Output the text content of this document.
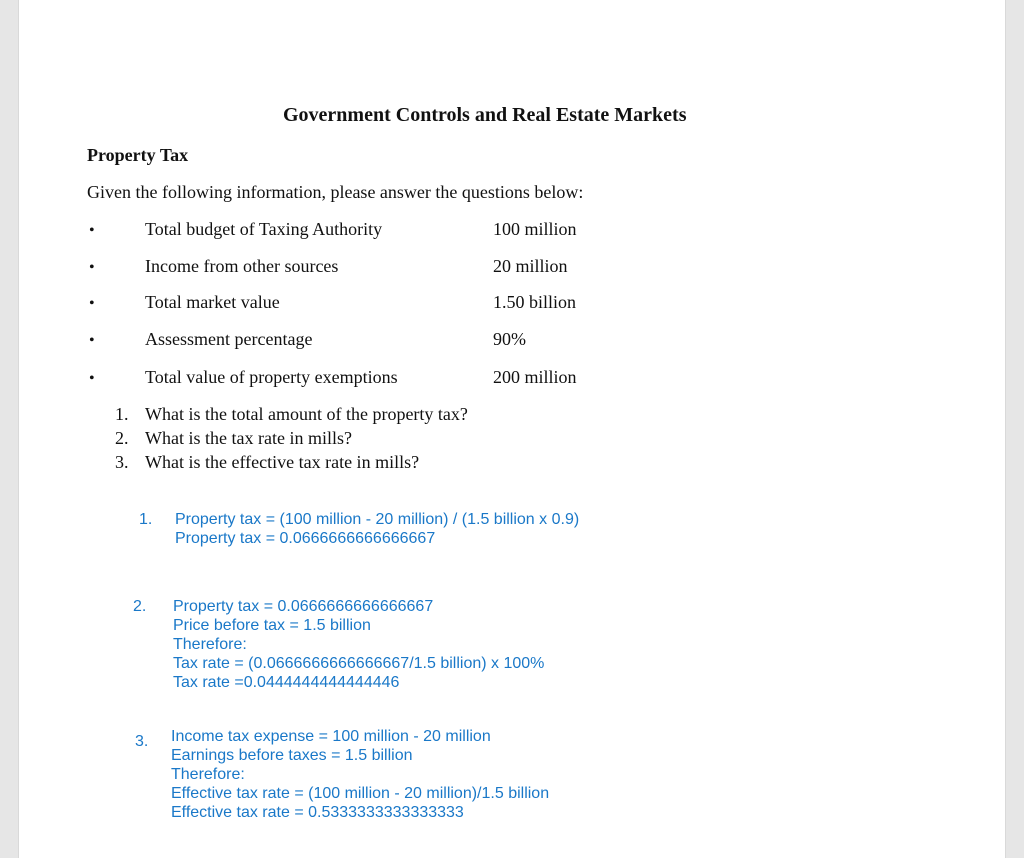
Government Controls and Real Estate Markets
Property Tax
Given the following information, please answer the questions below:
•	Total budget of Taxing Authority	100 million
•	Income from other sources	20 million
•	Total market value	1.50 billion
•	Assessment percentage	90%
•	Total value of property exemptions	200 million
1. What is the total amount of the property tax?
2. What is the tax rate in mills?
3. What is the effective tax rate in mills?
1. Property tax = (100 million - 20 million) / (1.5 billion x 0.9)
Property tax = 0.0666666666666667
2. Property tax = 0.0666666666666667
Price before tax = 1.5 billion
Therefore:
Tax rate = (0.0666666666666667/1.5 billion) x 100%
Tax rate =0.0444444444444446
3. Income tax expense = 100 million - 20 million
Earnings before taxes = 1.5 billion
Therefore:
Effective tax rate = (100 million - 20 million)/1.5 billion
Effective tax rate = 0.5333333333333333
